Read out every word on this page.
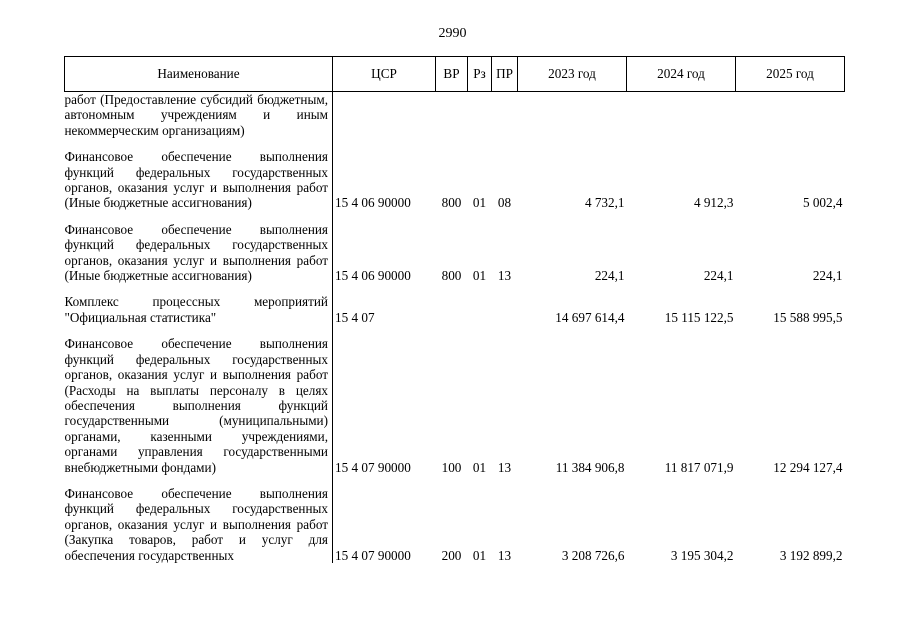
2990
Наименование	ЦСР	ВР	Рз	ПР	2023 год	2024 год	2025 год
работ (Предоставление субсидий бюджетным, автономным учреждениям и иным некоммерческим организациям)							

Финансовое обеспечение выполнения функций федеральных государственных органов, оказания услуг и выполнения работ (Иные бюджетные ассигнования)	15 4 06 90000	800	01	08	4 732,1	4 912,3	5 002,4

Финансовое обеспечение выполнения функций федеральных государственных органов, оказания услуг и выполнения работ (Иные бюджетные ассигнования)	15 4 06 90000	800	01	13	224,1	224,1	224,1

Комплекс процессных мероприятий "Официальная статистика"	15 4 07				14 697 614,4	15 115 122,5	15 588 995,5

Финансовое обеспечение выполнения функций федеральных государственных органов, оказания услуг и выполнения работ (Расходы на выплаты персоналу в целях обеспечения выполнения функций государственными (муниципальными) органами, казенными учреждениями, органами управления государственными внебюджетными фондами)	15 4 07 90000	100	01	13	11 384 906,8	11 817 071,9	12 294 127,4

Финансовое обеспечение выполнения функций федеральных государственных органов, оказания услуг и выполнения работ (Закупка товаров, работ и услуг для обеспечения государственных	15 4 07 90000	200	01	13	3 208 726,6	3 195 304,2	3 192 899,2
